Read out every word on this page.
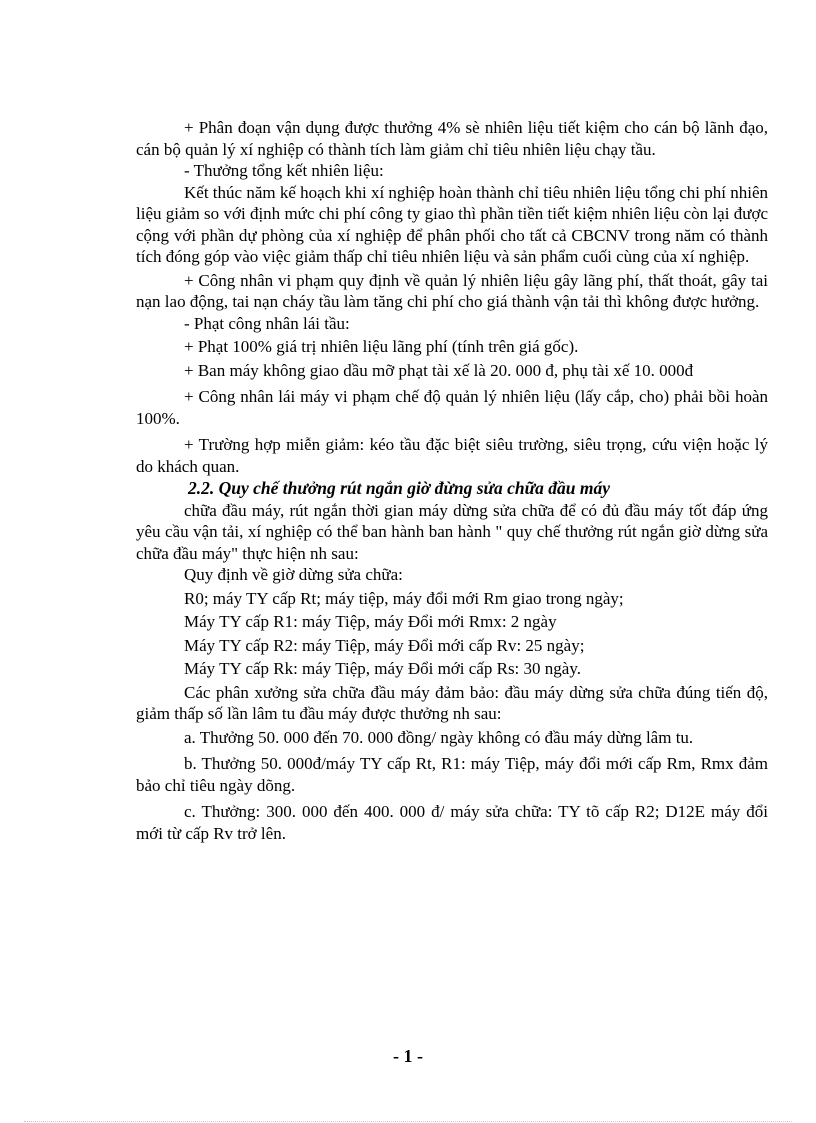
+ Phân đoạn vận dụng được thưởng 4% sè nhiên liệu tiết kiệm cho cán bộ lãnh đạo, cán bộ quản lý xí nghiệp có thành tích làm giảm chỉ tiêu nhiên liệu chạy tầu.

- Thưởng tổng kết nhiên liệu:

Kết thúc năm kế hoạch khi xí nghiệp hoàn thành chỉ tiêu nhiên liệu tổng chi phí nhiên liệu giảm so với định mức chi phí công ty giao thì phần tiền tiết kiệm nhiên liệu còn lại được cộng với phần dự phòng của xí nghiệp để phân phối cho tất cả CBCNV trong năm có thành tích đóng góp vào việc giảm thấp chỉ tiêu nhiên liệu và sản phẩm cuối cùng của xí nghiệp.

+ Công nhân vi phạm quy định về quản lý nhiên liệu gây lãng phí, thất thoát, gây tai nạn lao động, tai nạn cháy tầu làm tăng chi phí cho giá thành vận tải thì không được hưởng.

- Phạt công nhân lái tầu:

+ Phạt 100% giá trị nhiên liệu lãng phí (tính trên giá gốc).

+ Ban máy không giao dầu mỡ phạt tài xế là 20. 000 đ, phụ tài xế 10. 000đ

+ Công nhân lái máy vi phạm chế độ quản lý nhiên liệu (lấy cắp, cho) phải bồi hoàn 100%.

+ Trường hợp miễn giảm: kéo tầu đặc biệt siêu trường, siêu trọng, cứu viện hoặc lý do khách quan.

2.2. Quy chế thưởng rút ngắn giờ đừng sửa chữa đầu máy

chữa đầu máy, rút ngắn thời gian máy dừng sửa chữa để có đủ đầu máy tốt đáp ứng yêu cầu vận tải, xí nghiệp có thể ban hành ban hành " quy chế thưởng rút ngắn giờ dừng sửa chữa đầu máy" thực hiện nh sau:

Quy định về giờ dừng sửa chữa:

R0; máy TY cấp Rt; máy tiệp, máy đổi mới Rm giao trong ngày;

Máy TY cấp R1: máy Tiệp, máy Đổi mới Rmx: 2 ngày

Máy TY cấp R2: máy Tiệp, máy Đổi mới cấp Rv: 25 ngày;

Máy TY cấp Rk: máy Tiệp, máy Đổi mới cấp Rs: 30 ngày.

Các phân xưởng sửa chữa đầu máy đảm bảo: đầu máy dừng sửa chữa đúng tiến độ, giảm thấp số lần lâm tu đầu máy được thưởng nh sau:

a. Thưởng 50. 000 đến 70. 000 đồng/ ngày không có đầu máy dừng lâm tu.

b. Thưởng 50. 000đ/máy TY cấp Rt, R1: máy Tiệp, máy đổi mới cấp Rm, Rmx đảm bảo chỉ tiêu ngày dõng.

c. Thưởng: 300. 000 đến 400. 000 đ/ máy sửa chữa: TY tõ cấp R2; D12E máy đổi mới từ cấp Rv trở lên.

- 1 -
